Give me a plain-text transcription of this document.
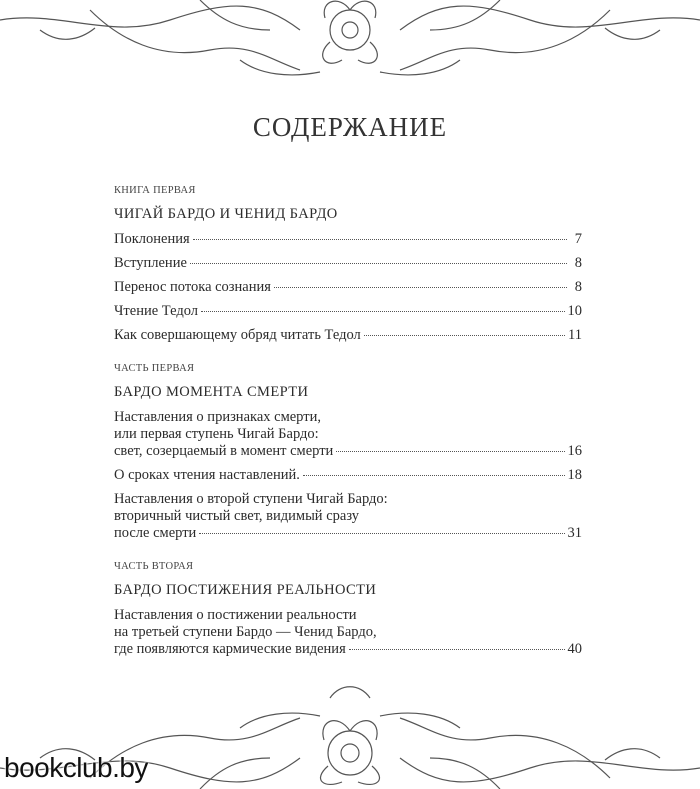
СОДЕРЖАНИЕ
КНИГА ПЕРВАЯ
ЧИГАЙ БАРДО И ЧЕНИД БАРДО
Поклонения	7
Вступление	8
Перенос потока сознания	8
Чтение Тедол	10
Как совершающему обряд читать Тедол	11
ЧАСТЬ ПЕРВАЯ
БАРДО МОМЕНТА СМЕРТИ
Наставления о признаках смерти,
или первая ступень Чигай Бардо:
свет, созерцаемый в момент смерти	16
О сроках чтения наставлений.	18
Наставления о второй ступени Чигай Бардо:
вторичный чистый свет, видимый сразу
после смерти	31
ЧАСТЬ ВТОРАЯ
БАРДО ПОСТИЖЕНИЯ РЕАЛЬНОСТИ
Наставления о постижении реальности
на третьей ступени Бардо — Ченид Бардо,
где появляются кармические видения	40
bookclub.by
